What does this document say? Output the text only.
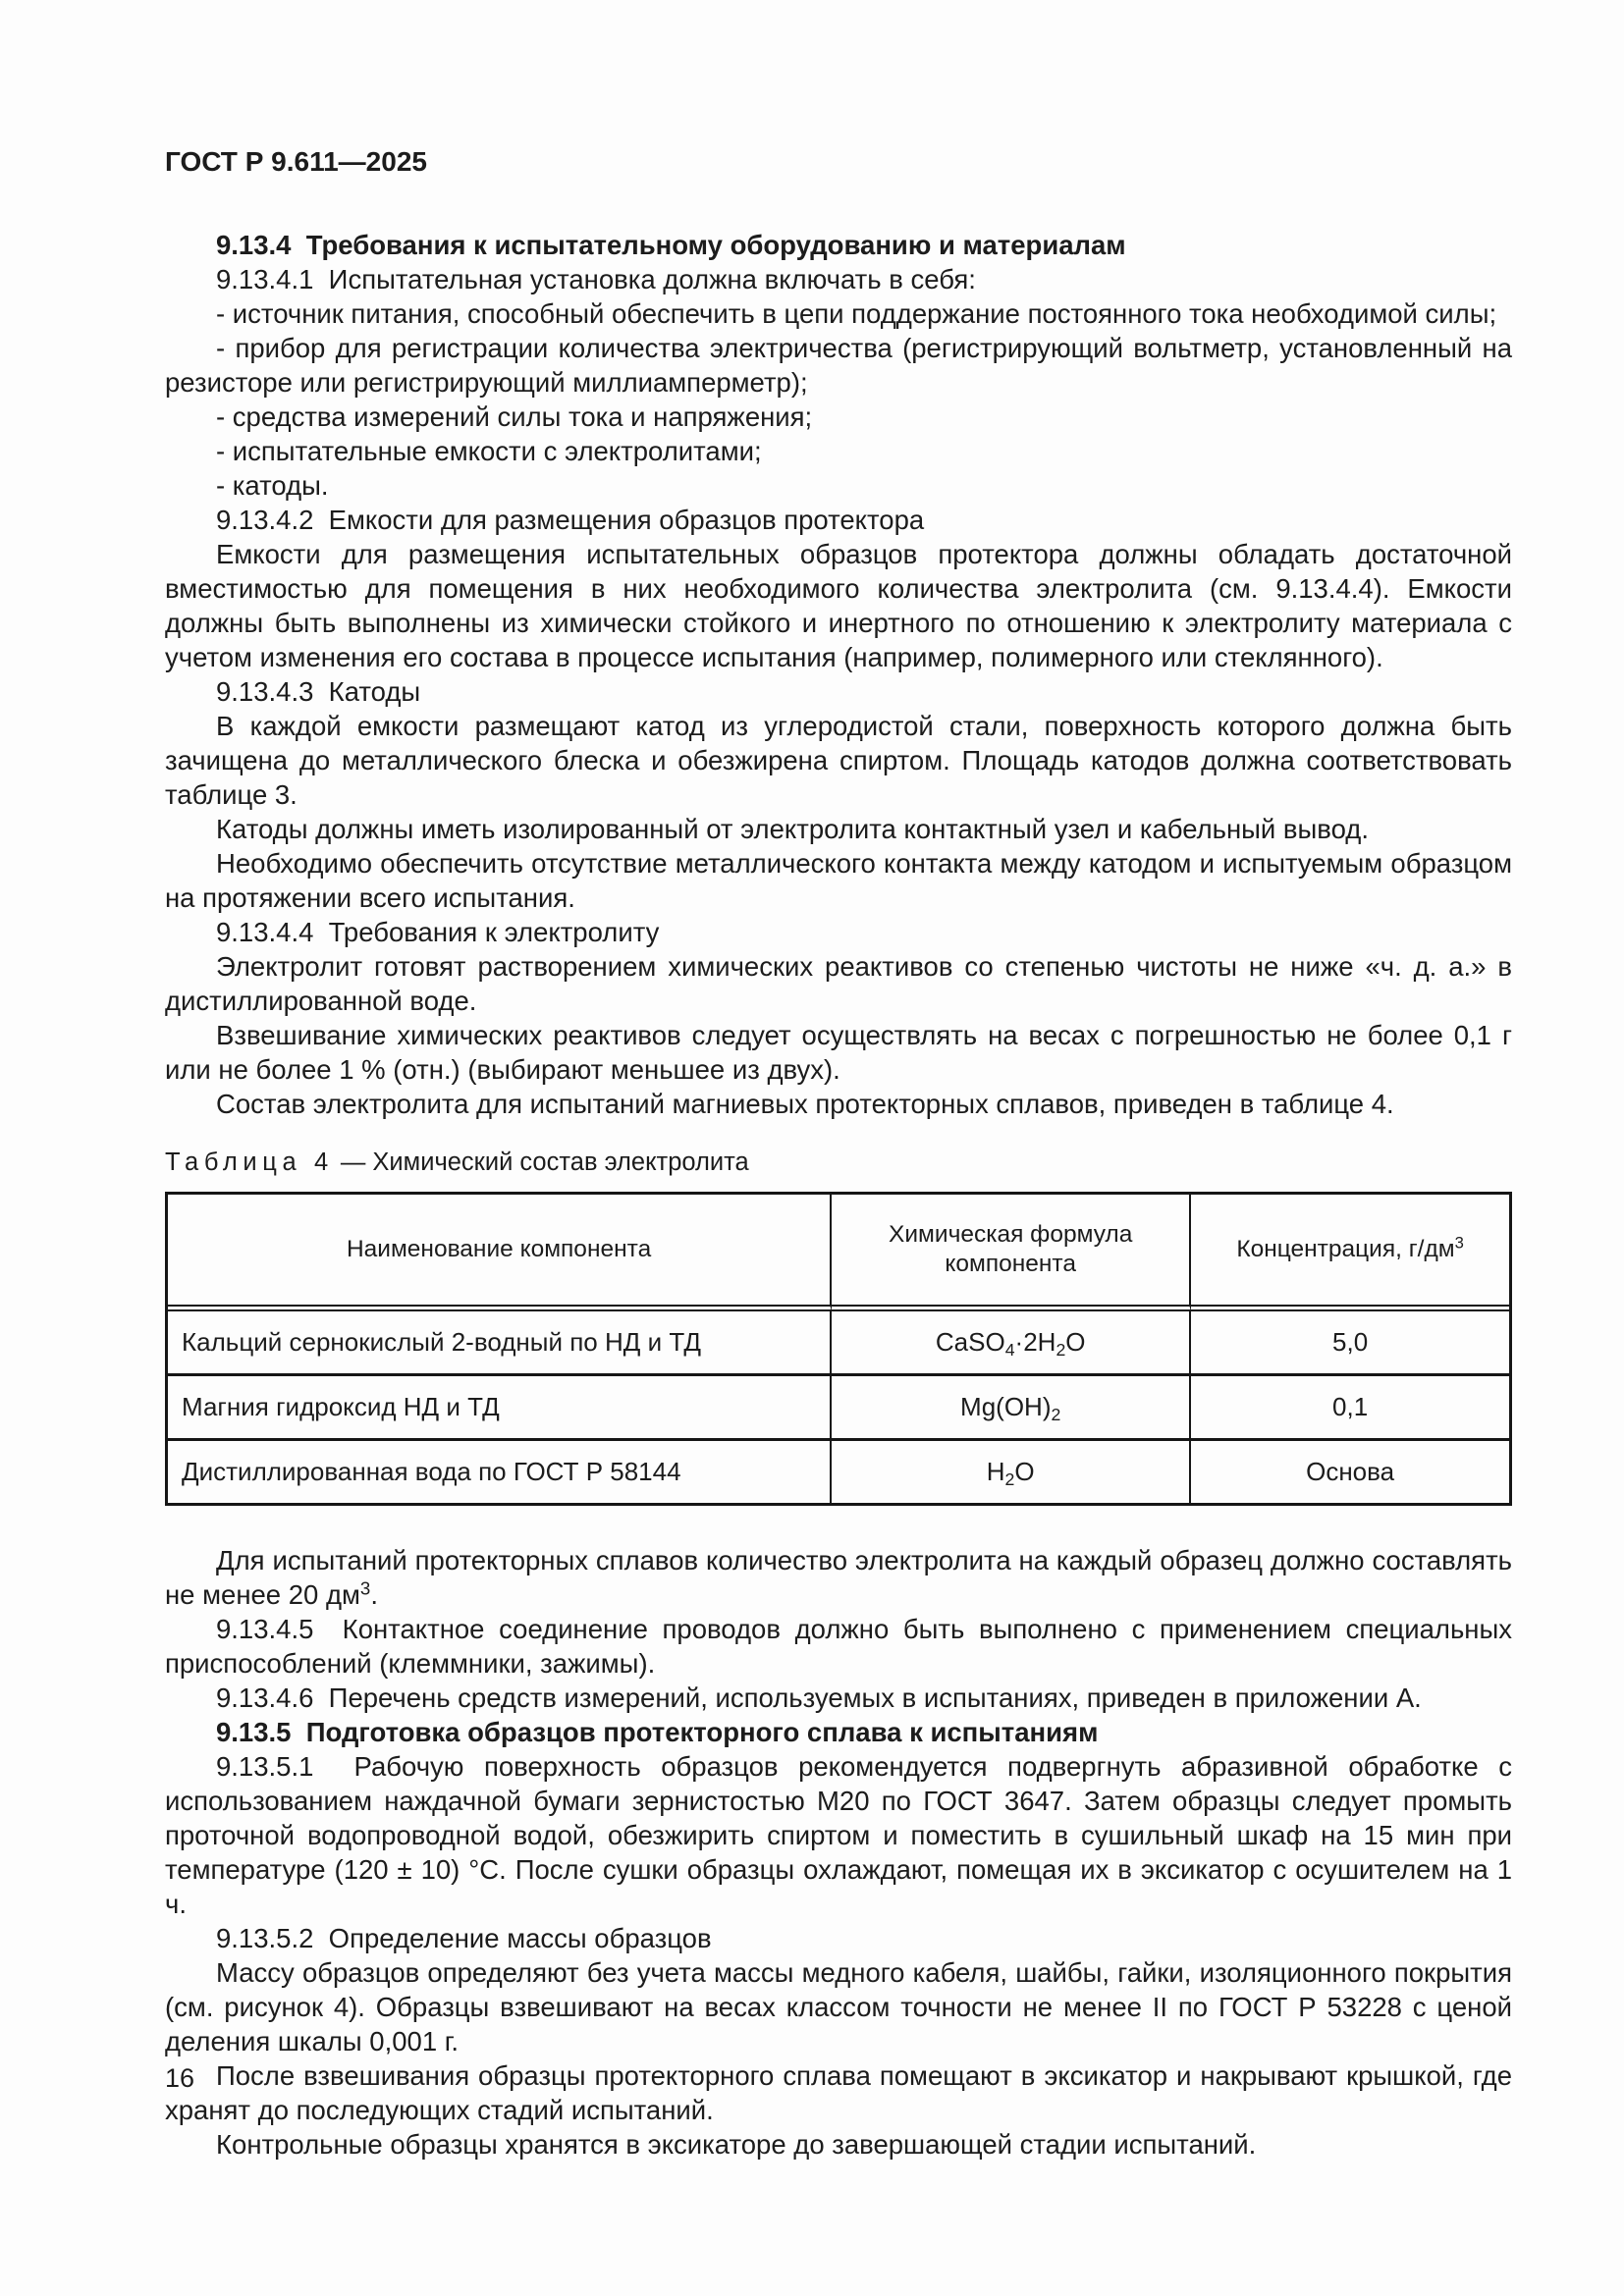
ГОСТ Р 9.611—2025

9.13.4  Требования к испытательному оборудованию и материалам

9.13.4.1  Испытательная установка должна включать в себя:

- источник питания, способный обеспечить в цепи поддержание постоянного тока необходимой силы;

- прибор для регистрации количества электричества (регистрирующий вольтметр, установленный на резисторе или регистрирующий миллиамперметр);

- средства измерений силы тока и напряжения;

- испытательные емкости с электролитами;

- катоды.

9.13.4.2  Емкости для размещения образцов протектора

Емкости для размещения испытательных образцов протектора должны обладать достаточной вместимостью для помещения в них необходимого количества электролита (см. 9.13.4.4). Емкости должны быть выполнены из химически стойкого и инертного по отношению к электролиту материала с учетом изменения его состава в процессе испытания (например, полимерного или стеклянного).

9.13.4.3  Катоды

В каждой емкости размещают катод из углеродистой стали, поверхность которого должна быть зачищена до металлического блеска и обезжирена спиртом. Площадь катодов должна соответствовать таблице 3.

Катоды должны иметь изолированный от электролита контактный узел и кабельный вывод.

Необходимо обеспечить отсутствие металлического контакта между катодом и испытуемым образцом на протяжении всего испытания.

9.13.4.4  Требования к электролиту

Электролит готовят растворением химических реактивов со степенью чистоты не ниже «ч. д. а.» в дистиллированной воде.

Взвешивание химических реактивов следует осуществлять на весах с погрешностью не более 0,1 г или не более 1 % (отн.) (выбирают меньшее из двух).

Состав электролита для испытаний магниевых протекторных сплавов, приведен в таблице 4.

Таблица 4 — Химический состав электролита

Наименование компонента	Химическая формула компонента	Концентрация, $г/дм^3$
Кальций сернокислый 2-водный по НД и ТД	$CaSO_4\cdot 2H_2O$	5,0
Магния гидроксид НД и ТД	$Mg(OH)_2$	0,1
Дистиллированная вода по ГОСТ Р 58144	$H_2O$	Основа

Для испытаний протекторных сплавов количество электролита на каждый образец должно составлять не менее 20 $дм^3$.

9.13.4.5  Контактное соединение проводов должно быть выполнено с применением специальных приспособлений (клеммники, зажимы).

9.13.4.6  Перечень средств измерений, используемых в испытаниях, приведен в приложении А.

9.13.5  Подготовка образцов протекторного сплава к испытаниям

9.13.5.1  Рабочую поверхность образцов рекомендуется подвергнуть абразивной обработке с использованием наждачной бумаги зернистостью М20 по ГОСТ 3647. Затем образцы следует промыть проточной водопроводной водой, обезжирить спиртом и поместить в сушильный шкаф на 15 мин при температуре (120 ± 10) °С. После сушки образцы охлаждают, помещая их в эксикатор с осушителем на 1 ч.

9.13.5.2  Определение массы образцов

Массу образцов определяют без учета массы медного кабеля, шайбы, гайки, изоляционного покрытия (см. рисунок 4). Образцы взвешивают на весах классом точности не менее II по ГОСТ Р 53228 с ценой деления шкалы 0,001 г.

После взвешивания образцы протекторного сплава помещают в эксикатор и накрывают крышкой, где хранят до последующих стадий испытаний.

Контрольные образцы хранятся в эксикаторе до завершающей стадии испытаний.

16
